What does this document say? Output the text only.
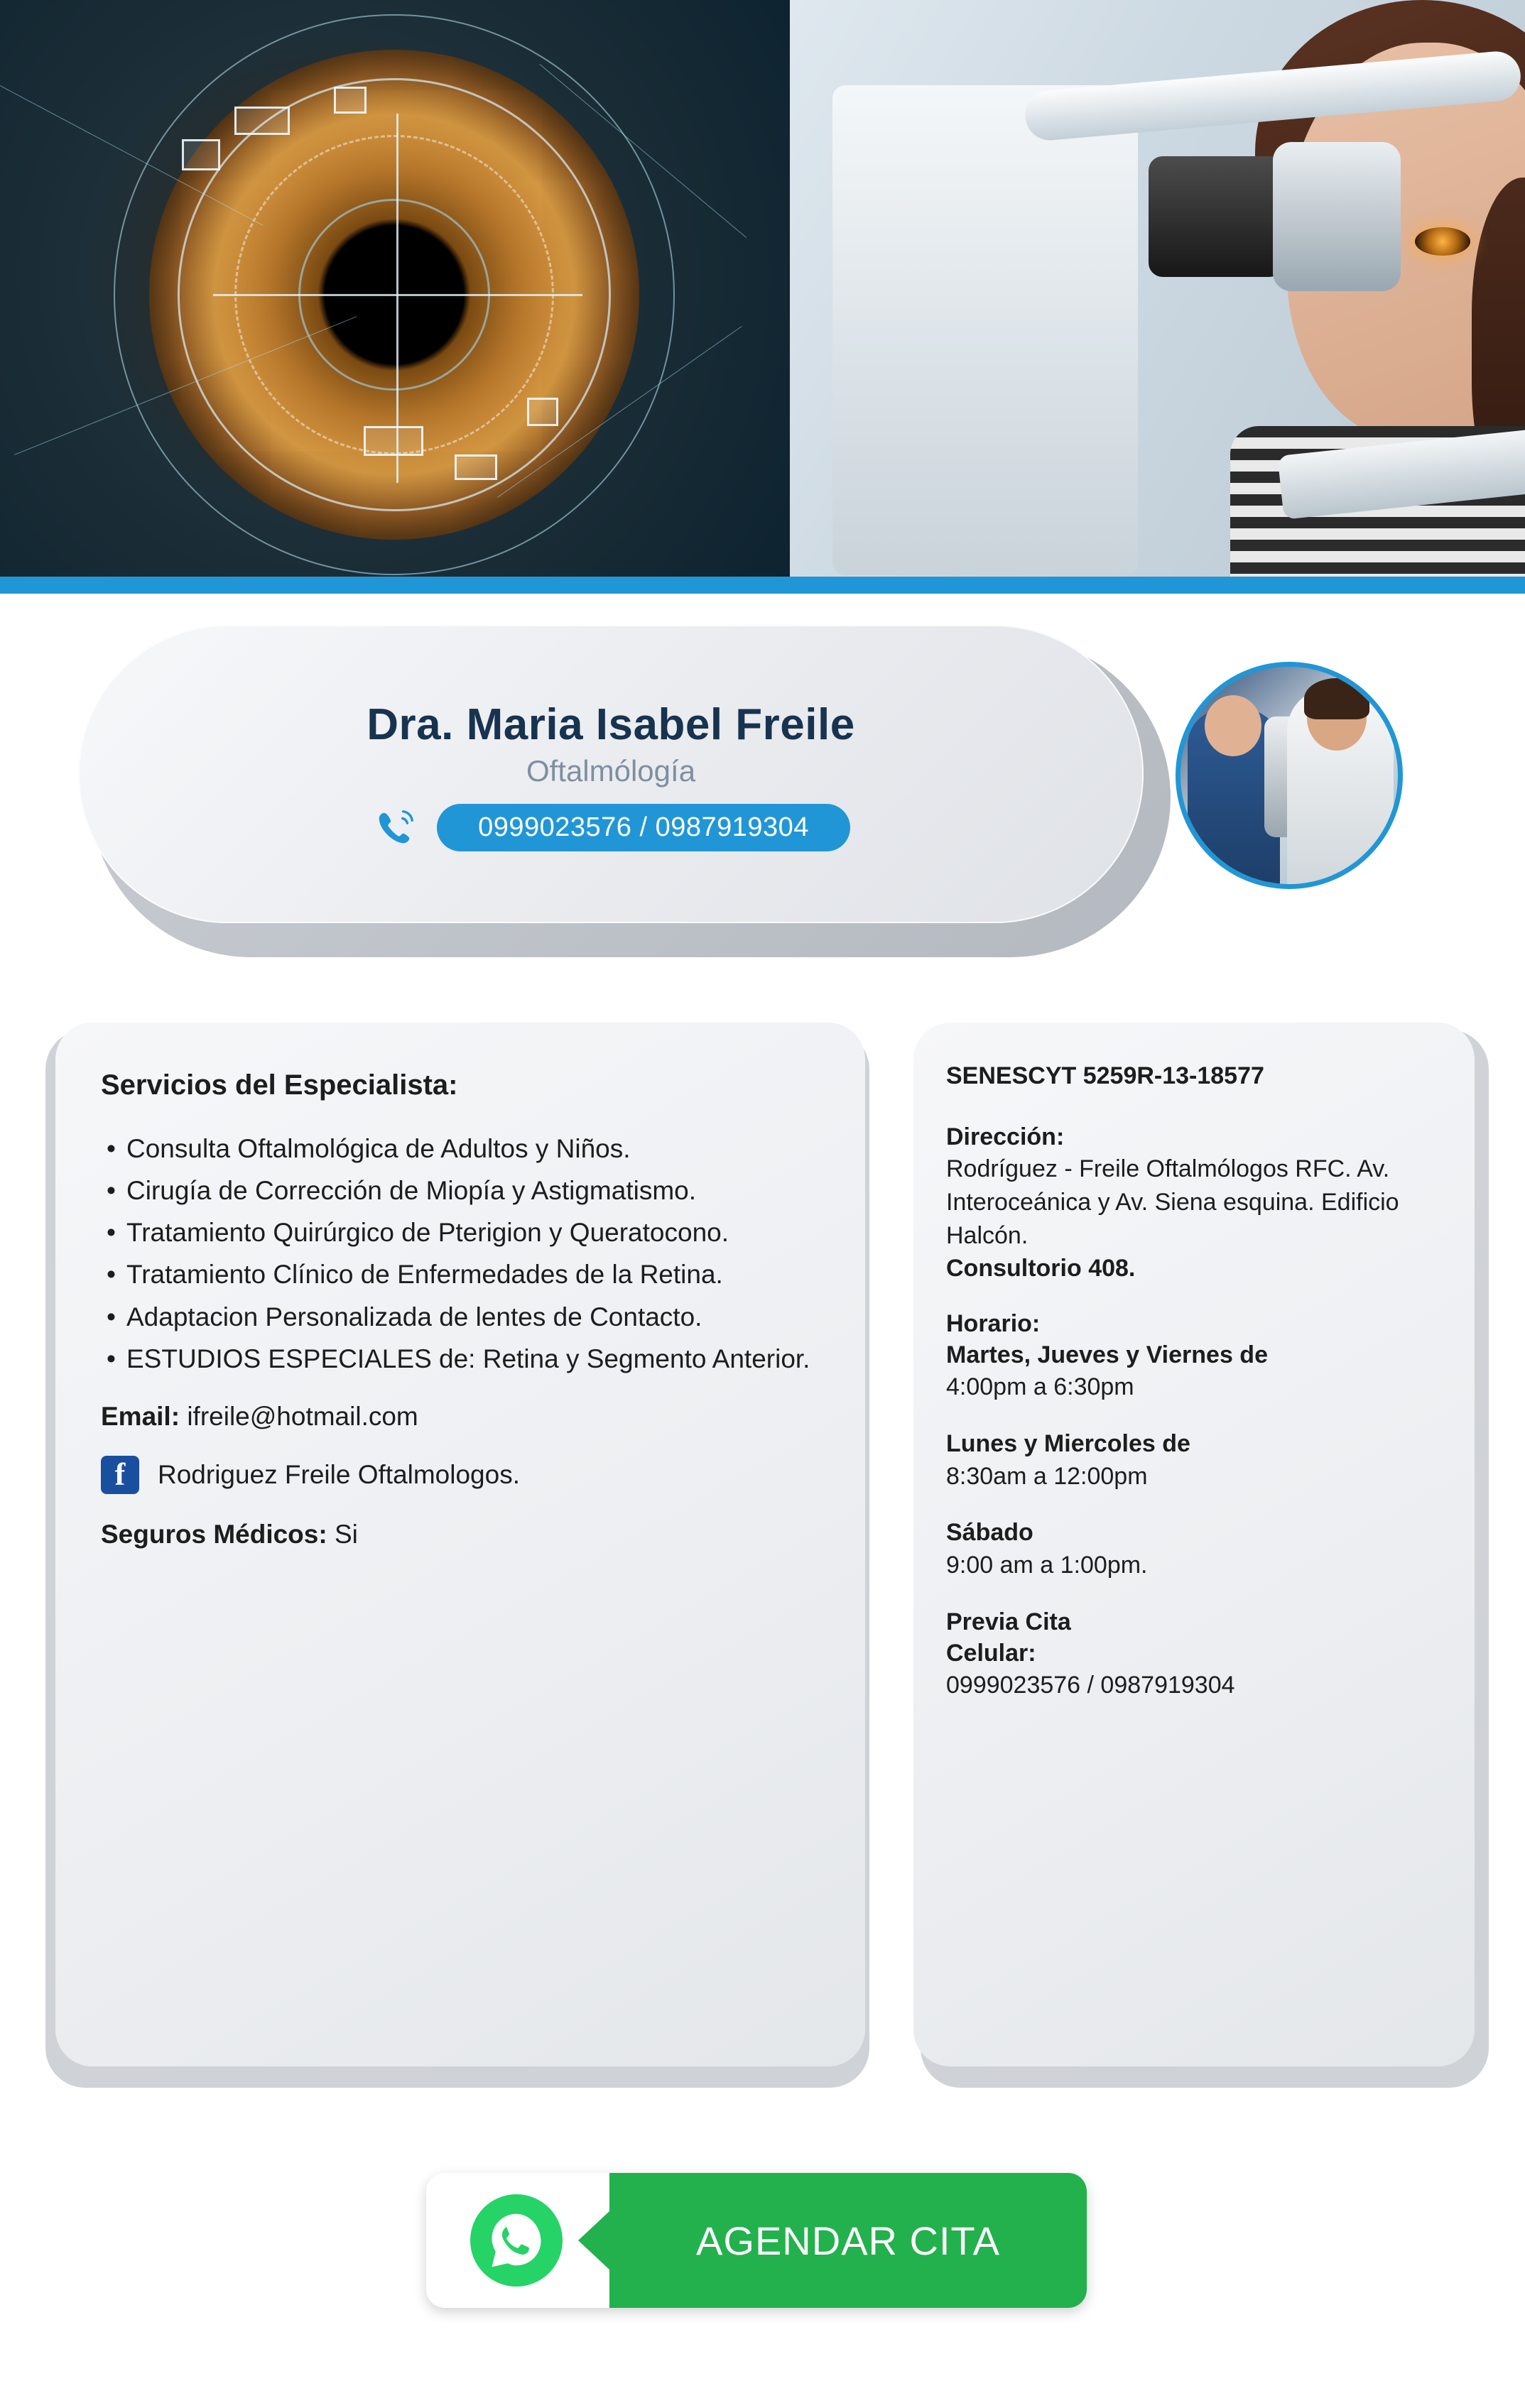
Dra. Maria Isabel Freile
Oftalmólogía
0999023576 / 0987919304
Servicios del Especialista:
• Consulta Oftalmológica de Adultos y Niños.
• Cirugía de Corrección de Miopía y Astigmatismo.
• Tratamiento Quirúrgico de Pterigion y Queratocono.
• Tratamiento Clínico de Enfermedades de la Retina.
• Adaptacion Personalizada de lentes de Contacto.
• ESTUDIOS ESPECIALES de: Retina y Segmento Anterior.
Email: ifreile@hotmail.com
f
Rodriguez Freile Oftalmologos.
Seguros Médicos: Si
SENESCYT 5259R-13-18577
Dirección:
Rodríguez - Freile Oftalmólogos RFC. Av. Interoceánica y Av. Siena esquina. Edificio Halcón.
Consultorio 408.
Horario:
Martes, Jueves y Viernes de
4:00pm a 6:30pm
Lunes y Miercoles de
8:30am a 12:00pm
Sábado
9:00 am a 1:00pm.
Previa Cita
Celular:
0999023576 / 0987919304
AGENDAR CITA
